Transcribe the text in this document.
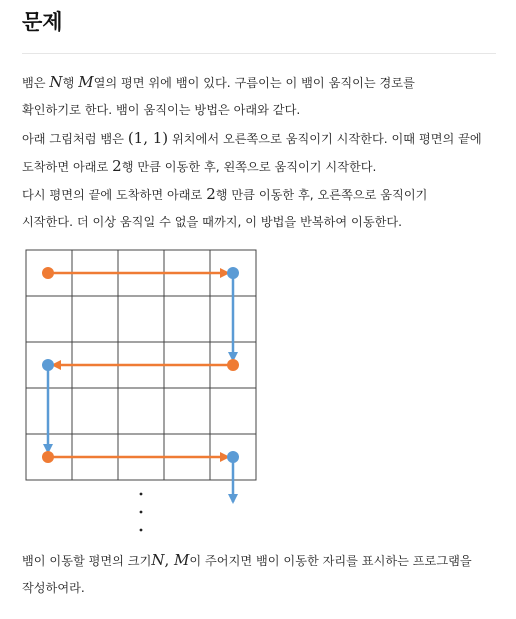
문제
뱀은 N행 M열의 평면 위에 뱀이 있다. 구름이는 이 뱀이 움직이는 경로를
확인하기로 한다. 뱀이 움직이는 방법은 아래와 같다.
아래 그림처럼 뱀은 (1, 1) 위치에서 오른쪽으로 움직이기 시작한다. 이때 평면의 끝에
도착하면 아래로 2행 만큼 이동한 후, 왼쪽으로 움직이기 시작한다.
다시 평면의 끝에 도착하면 아래로 2행 만큼 이동한 후, 오른쪽으로 움직이기
시작한다. 더 이상 움직일 수 없을 때까지, 이 방법을 반복하여 이동한다.
뱀이 이동할 평면의 크기N, M이 주어지면 뱀이 이동한 자리를 표시하는 프로그램을
작성하여라.
